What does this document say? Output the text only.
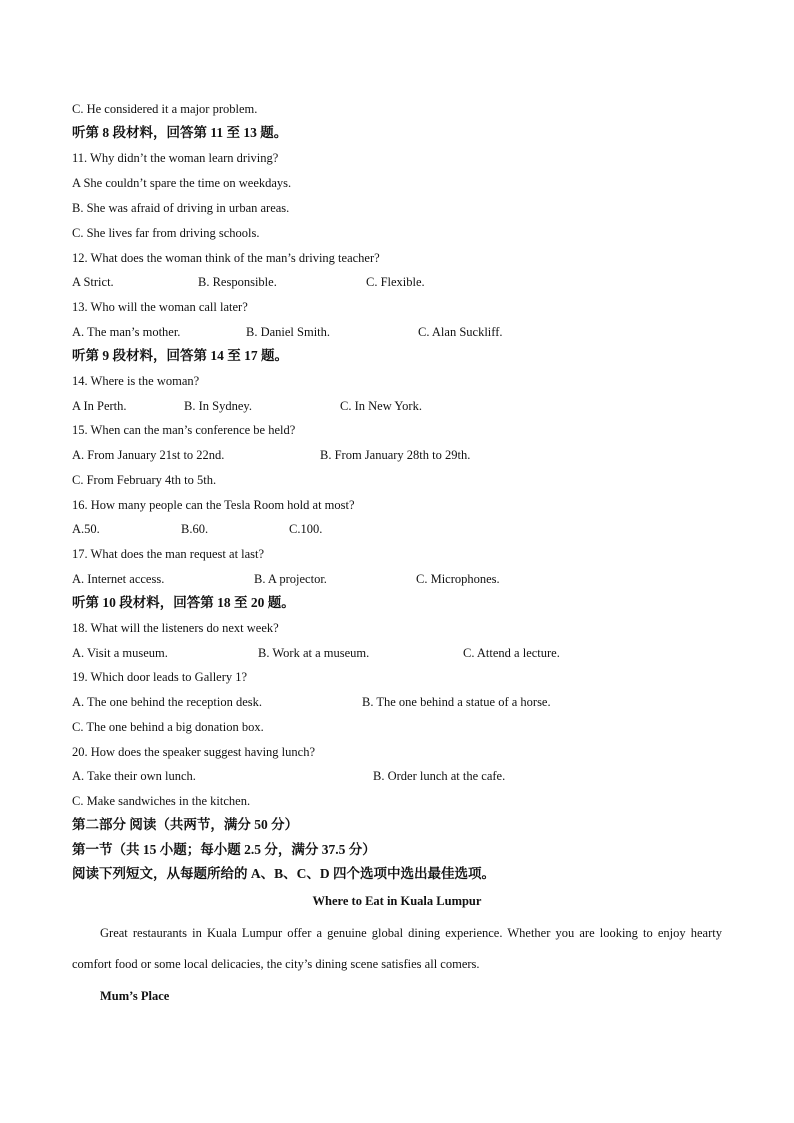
C. He considered it a major problem.
听第 8 段材料，回答第 11 至 13 题。
11. Why didn’t the woman learn driving?
A She couldn’t spare the time on weekdays.
B. She was afraid of driving in urban areas.
C. She lives far from driving schools.
12. What does the woman think of the man’s driving teacher?
A Strict.	B. Responsible.	C. Flexible.
13. Who will the woman call later?
A. The man’s mother.	B. Daniel Smith.	C. Alan Suckliff.
听第 9 段材料，回答第 14 至 17 题。
14. Where is the woman?
A In Perth.	B. In Sydney.	C. In New York.
15. When can the man’s conference be held?
A. From January 21st to 22nd.	B. From January 28th to 29th.
C. From February 4th to 5th.
16. How many people can the Tesla Room hold at most?
A.50.	B.60.	C.100.
17. What does the man request at last?
A. Internet access.	B. A projector.	C. Microphones.
听第 10 段材料，回答第 18 至 20 题。
18. What will the listeners do next week?
A. Visit a museum.	B. Work at a museum.	C. Attend a lecture.
19. Which door leads to Gallery 1?
A. The one behind the reception desk.	B. The one behind a statue of a horse.
C. The one behind a big donation box.
20. How does the speaker suggest having lunch?
A. Take their own lunch.	B. Order lunch at the cafe.
C. Make sandwiches in the kitchen.
第二部分 阅读（共两节，满分 50 分）
第一节（共 15 小题；每小题 2.5 分，满分 37.5 分）
阅读下列短文，从每题所给的 A、B、C、D 四个选项中选出最佳选项。
Where to Eat in Kuala Lumpur
Great restaurants in Kuala Lumpur offer a genuine global dining experience. Whether you are looking to enjoy hearty comfort food or some local delicacies, the city’s dining scene satisfies all comers.
Mum’s Place
